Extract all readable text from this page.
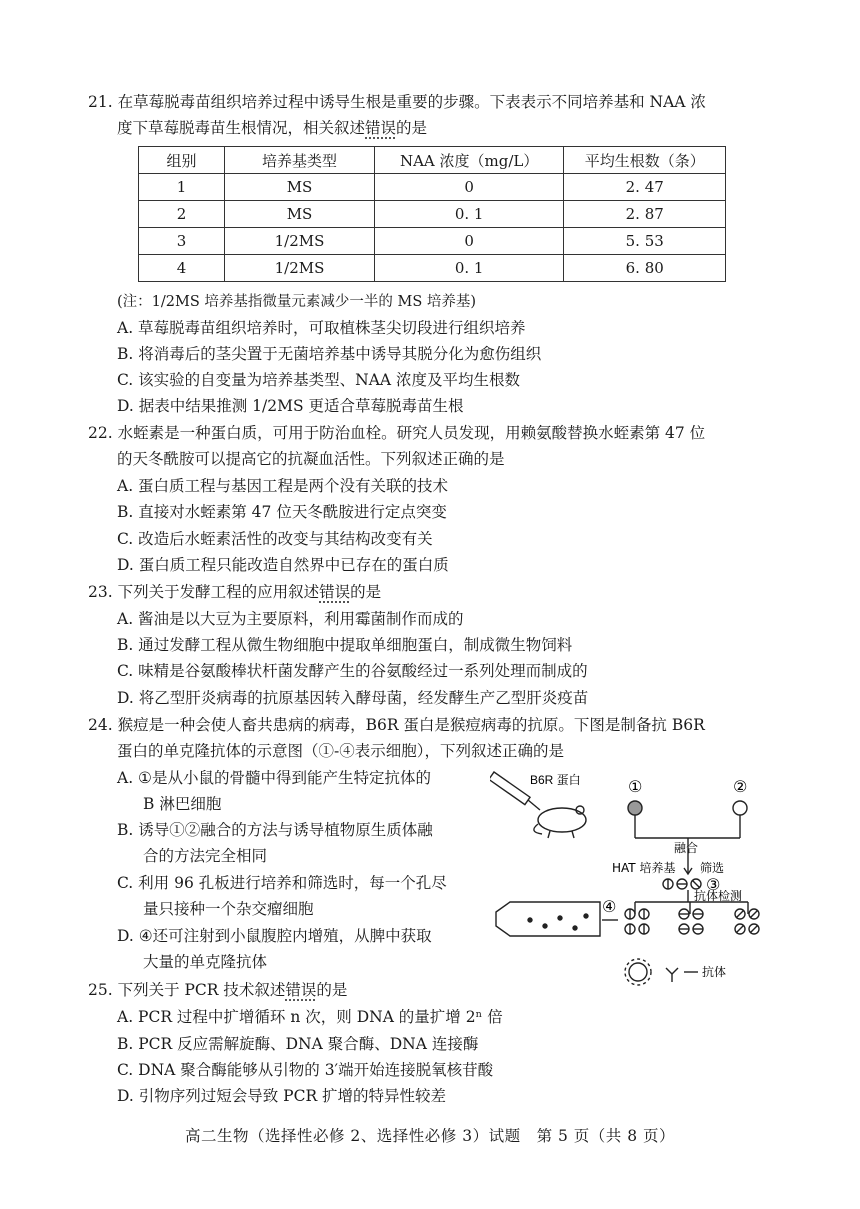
21. 在草莓脱毒苗组织培养过程中诱导生根是重要的步骤。下表表示不同培养基和 NAA 浓
度下草莓脱毒苗生根情况，相关叙述错误的是
组别	培养基类型	NAA 浓度（mg/L）	平均生根数（条）
1	MS	0	2. 47
2	MS	0. 1	2. 87
3	1/2MS	0	5. 53
4	1/2MS	0. 1	6. 80
(注：1/2MS 培养基指微量元素减少一半的 MS 培养基)
A. 草莓脱毒苗组织培养时，可取植株茎尖切段进行组织培养
B. 将消毒后的茎尖置于无菌培养基中诱导其脱分化为愈伤组织
C. 该实验的自变量为培养基类型、NAA 浓度及平均生根数
D. 据表中结果推测 1/2MS 更适合草莓脱毒苗生根
22. 水蛭素是一种蛋白质，可用于防治血栓。研究人员发现，用赖氨酸替换水蛭素第 47 位
的天冬酰胺可以提高它的抗凝血活性。下列叙述正确的是
A. 蛋白质工程与基因工程是两个没有关联的技术
B. 直接对水蛭素第 47 位天冬酰胺进行定点突变
C. 改造后水蛭素活性的改变与其结构改变有关
D. 蛋白质工程只能改造自然界中已存在的蛋白质
23. 下列关于发酵工程的应用叙述错误的是
A. 酱油是以大豆为主要原料，利用霉菌制作而成的
B. 通过发酵工程从微生物细胞中提取单细胞蛋白，制成微生物饲料
C. 味精是谷氨酸棒状杆菌发酵产生的谷氨酸经过一系列处理而制成的
D. 将乙型肝炎病毒的抗原基因转入酵母菌，经发酵生产乙型肝炎疫苗
24. 猴痘是一种会使人畜共患病的病毒，B6R 蛋白是猴痘病毒的抗原。下图是制备抗 B6R
蛋白的单克隆抗体的示意图（①-④表示细胞），下列叙述正确的是
A. ①是从小鼠的骨髓中得到能产生特定抗体的
B 淋巴细胞
B. 诱导①②融合的方法与诱导植物原生质体融
合的方法完全相同
C. 利用 96 孔板进行培养和筛选时，每一个孔尽
量只接种一个杂交瘤细胞
D. ④还可注射到小鼠腹腔内增殖，从脾中获取
大量的单克隆抗体
B6R 蛋白	①	②
融合
HAT 培养基 筛选
③
抗体检测
④
抗体
25. 下列关于 PCR 技术叙述错误的是
A. PCR 过程中扩增循环 n 次，则 DNA 的量扩增 2ⁿ 倍
B. PCR 反应需解旋酶、DNA 聚合酶、DNA 连接酶
C. DNA 聚合酶能够从引物的 3′端开始连接脱氧核苷酸
D. 引物序列过短会导致 PCR 扩增的特异性较差
高二生物（选择性必修 2、选择性必修 3）试题　第 5 页（共 8 页）
